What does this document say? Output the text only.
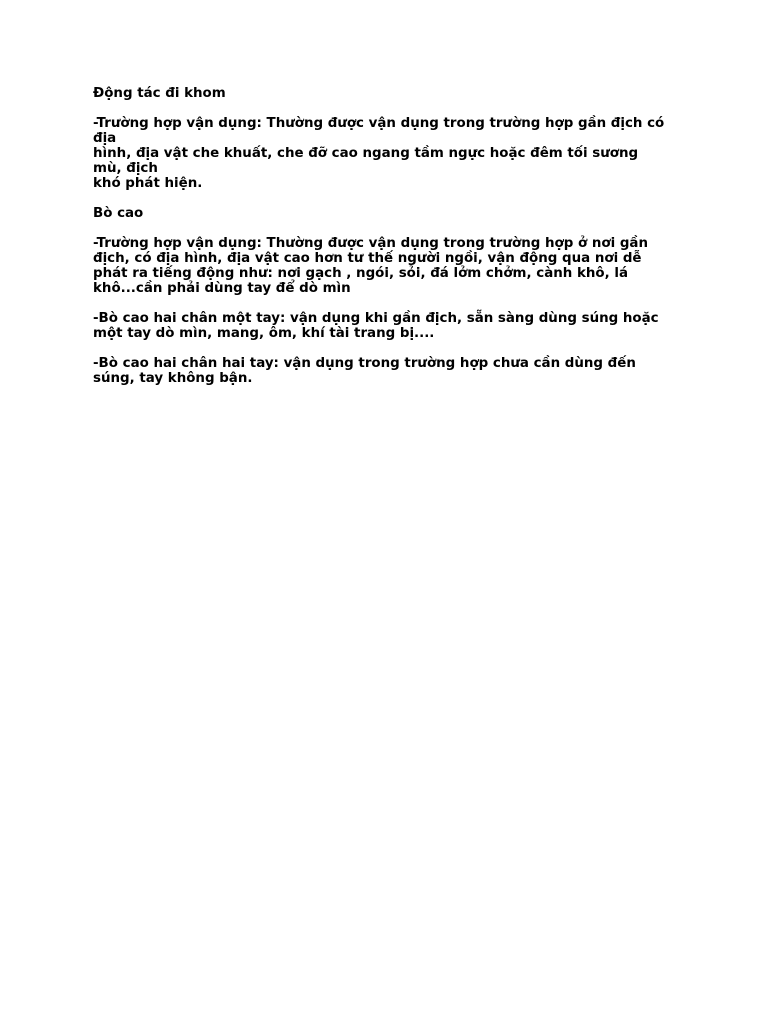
Động tác đi khom

-Trường hợp vận dụng: Thường được vận dụng trong trường hợp gần địch có
địa
hình, địa vật che khuất, che đỡ cao ngang tầm ngực hoặc đêm tối sương
mù, địch
khó phát hiện.

Bò cao

-Trường hợp vận dụng: Thường được vận dụng trong trường hợp ở nơi gần
địch, có địa hình, địa vật cao hơn tư thế người ngồi, vận động qua nơi dễ
phát ra tiếng động như: nơi gạch , ngói, sỏi, đá lởm chởm, cành khô, lá
khô...cần phải dùng tay để dò mìn

-Bò cao hai chân một tay: vận dụng khi gần địch, sẵn sàng dùng súng hoặc
một tay dò mìn, mang, ôm, khí tài trang bị....

-Bò cao hai chân hai tay: vận dụng trong trường hợp chưa cần dùng đến
súng, tay không bận.
